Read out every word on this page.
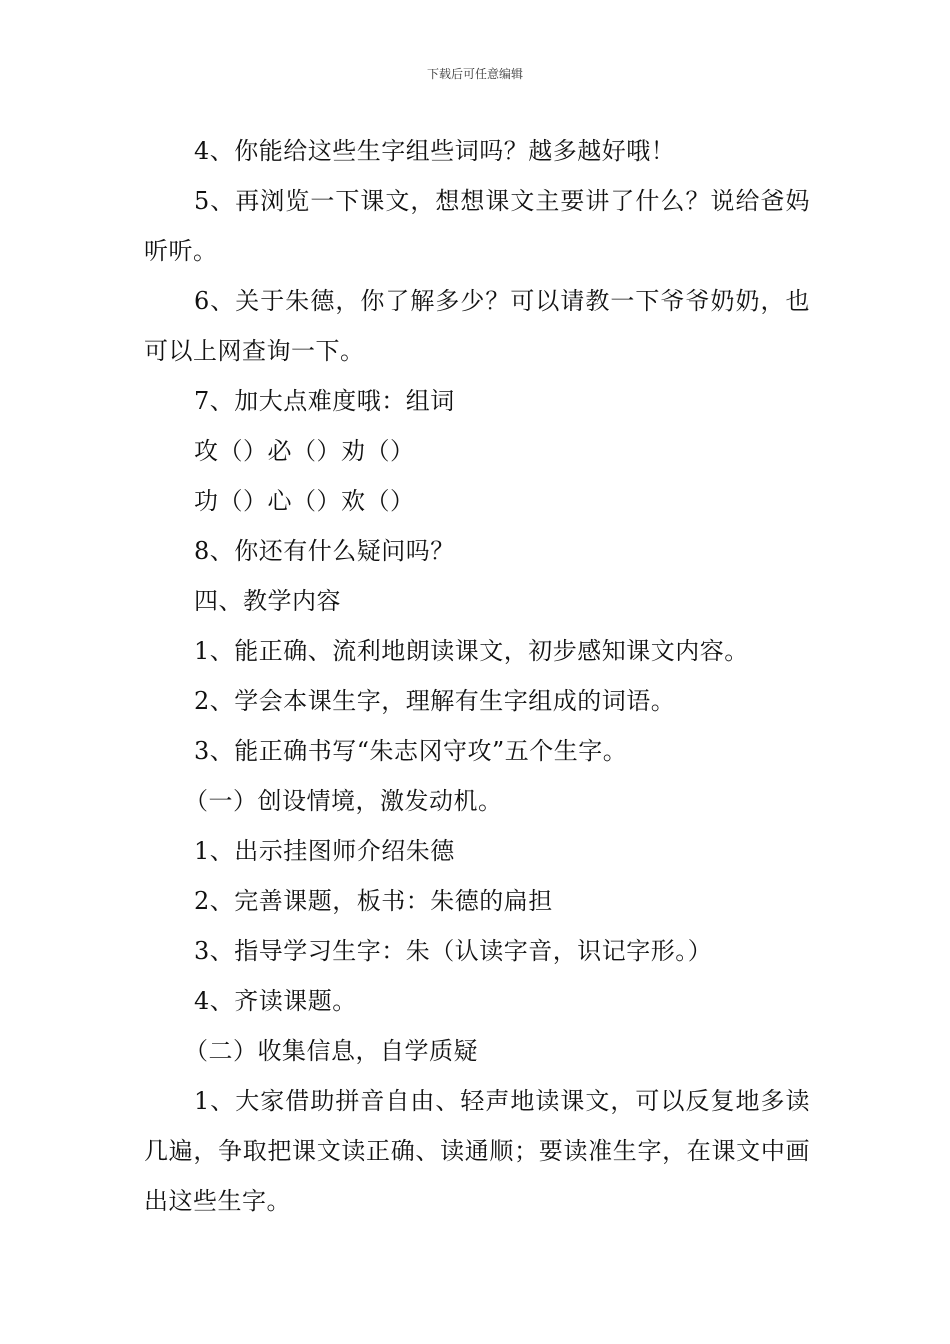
下载后可任意编辑

4、你能给这些生字组些词吗？越多越好哦！

5、再浏览一下课文，想想课文主要讲了什么？说给爸妈听听。

6、关于朱德，你了解多少？可以请教一下爷爷奶奶，也可以上网查询一下。

7、加大点难度哦：组词

攻（）必（）劝（）

功（）心（）欢（）

8、你还有什么疑问吗？

四、教学内容

1、能正确、流利地朗读课文，初步感知课文内容。

2、学会本课生字，理解有生字组成的词语。

3、能正确书写“朱志冈守攻”五个生字。

（一）创设情境，激发动机。

1、出示挂图师介绍朱德

2、完善课题，板书：朱德的扁担

3、指导学习生字：朱（认读字音，识记字形。）

4、齐读课题。

（二）收集信息，自学质疑

1、大家借助拼音自由、轻声地读课文，可以反复地多读几遍，争取把课文读正确、读通顺；要读准生字，在课文中画出这些生字。
